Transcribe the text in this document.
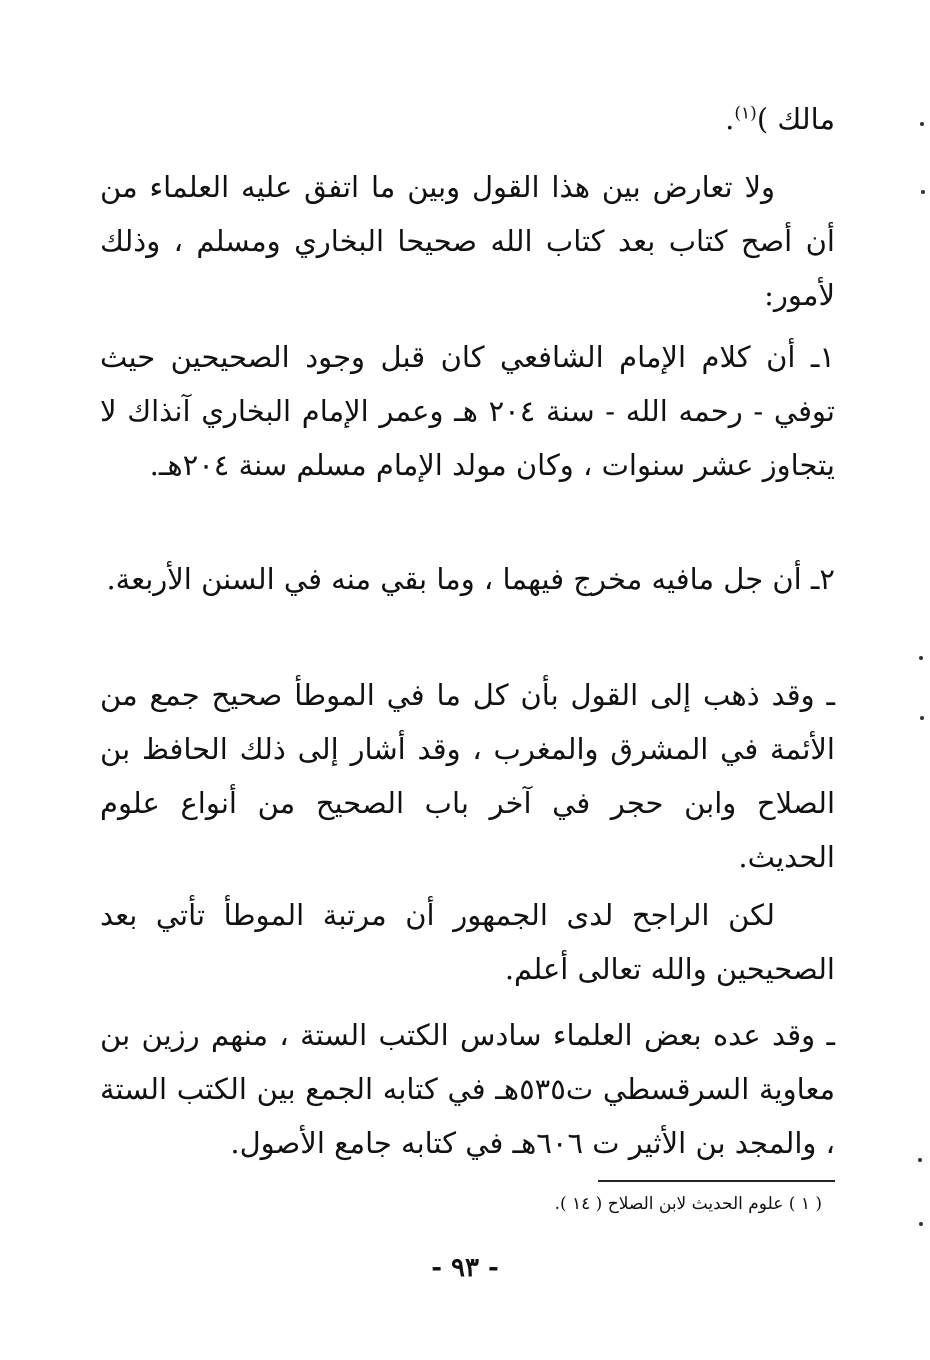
مالك )$^{(١)}$.

ولا تعارض بين هذا القول وبين ما اتفق عليه العلماء من أن أصح كتاب بعد كتاب الله صحيحا البخاري ومسلم ، وذلك لأمور:

١ـ أن كلام الإمام الشافعي كان قبل وجود الصحيحين حيث توفي - رحمه الله - سنة ٢٠٤ هـ وعمر الإمام البخاري آنذاك لا يتجاوز عشر سنوات ، وكان مولد الإمام مسلم سنة ٢٠٤هـ.

٢ـ أن جل مافيه مخرج فيهما ، وما بقي منه في السنن الأربعة.

ـ وقد ذهب إلى القول بأن كل ما في الموطأ صحيح جمع من الأئمة في المشرق والمغرب ، وقد أشار إلى ذلك الحافظ بن الصلاح وابن حجر في آخر باب الصحيح من أنواع علوم الحديث.

لكن الراجح لدى الجمهور أن مرتبة الموطأ تأتي بعد الصحيحين والله تعالى أعلم.

ـ وقد عده بعض العلماء سادس الكتب الستة ، منهم رزين بن معاوية السرقسطي ت٥٣٥هـ في كتابه الجمع بين الكتب الستة ، والمجد بن الأثير ت ٦٠٦هـ في كتابه جامع الأصول.

( ١ ) علوم الحديث لابن الصلاح ( ١٤ ).
- ٩٣ -
